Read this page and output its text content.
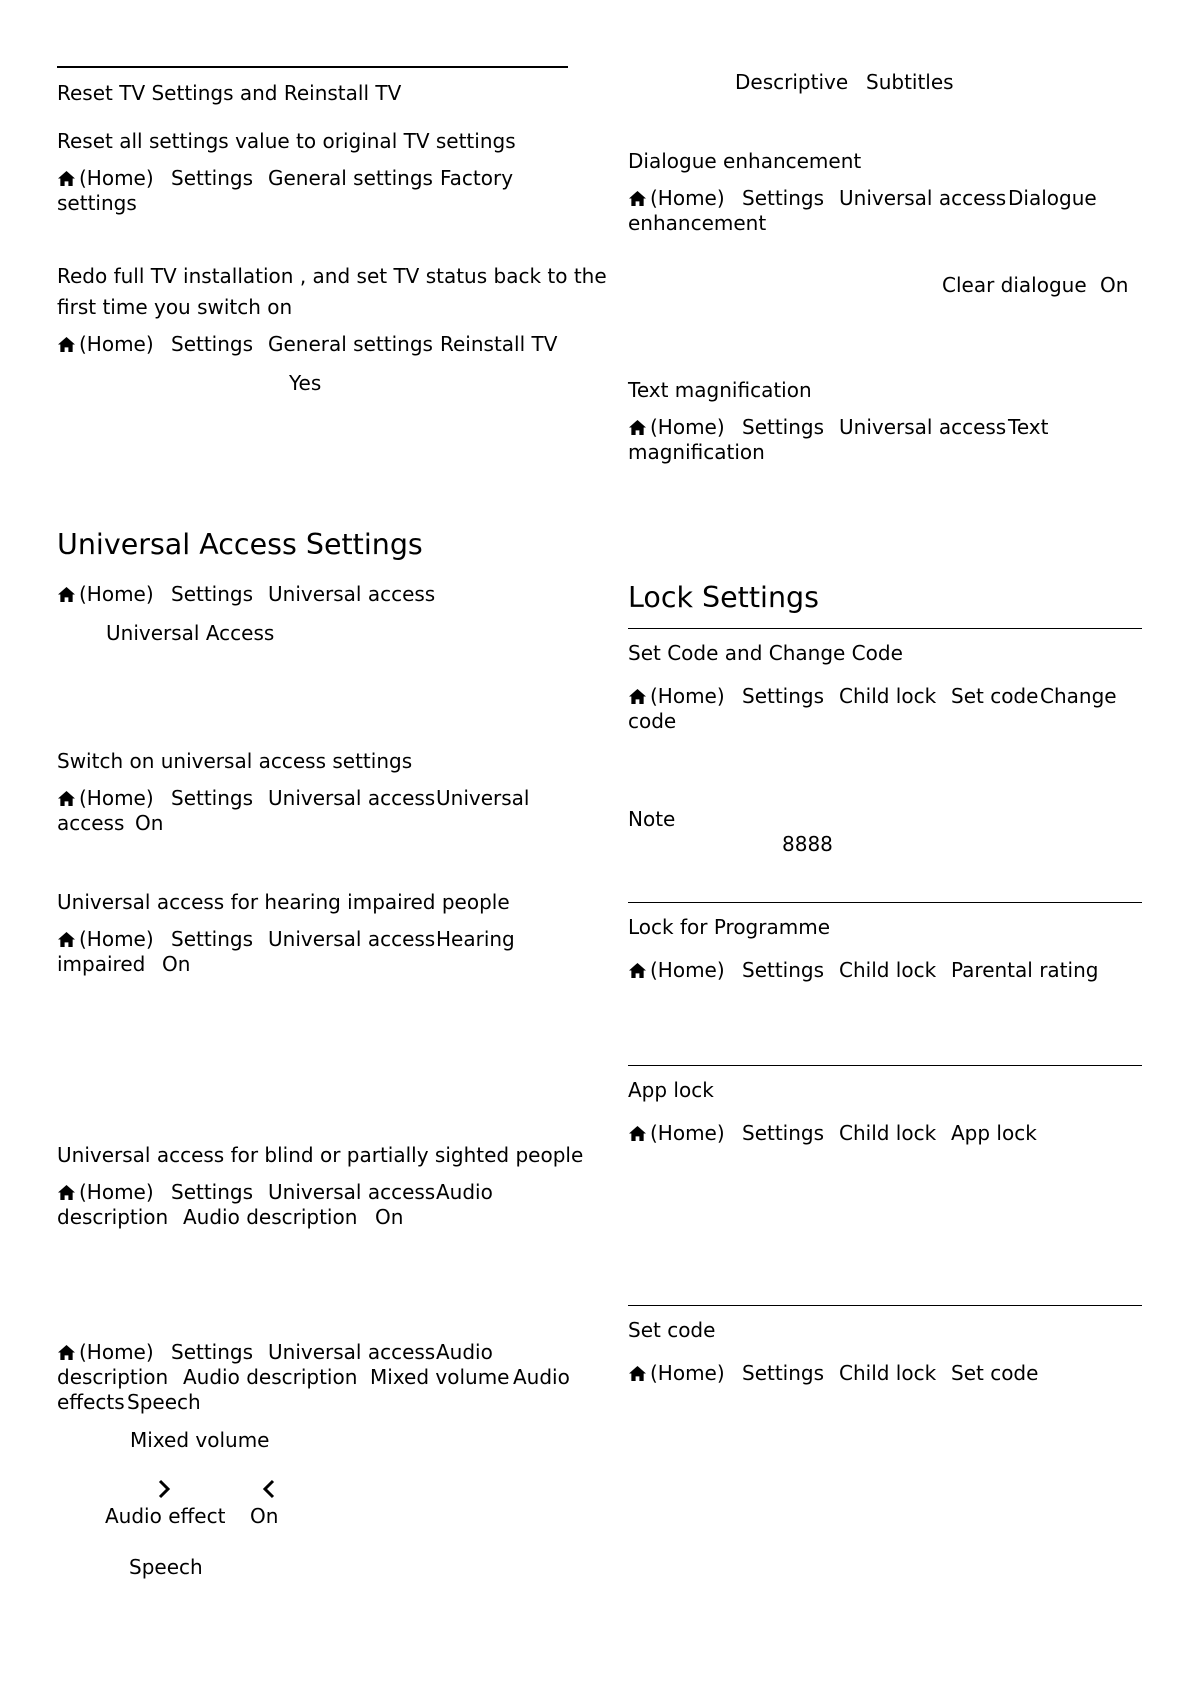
Reset TV Settings and Reinstall TV
Reset all settings value to original TV settings
(Home) Settings General settings Factory
settings
Redo full TV installation , and set TV status back to the
first time you switch on
(Home) Settings General settings Reinstall TV
Yes
Universal Access Settings
(Home) Settings Universal access
Universal Access
Switch on universal access settings
(Home) Settings Universal access Universal
access On
Universal access for hearing impaired people
(Home) Settings Universal access Hearing
impaired On
Universal access for blind or partially sighted people
(Home) Settings Universal access Audio
description Audio description On
(Home) Settings Universal access Audio
description Audio description Mixed volume Audio
effects Speech
Mixed volume
Audio effect On
Speech
Descriptive Subtitles
Dialogue enhancement
(Home) Settings Universal access Dialogue
enhancement
Clear dialogue On
Text magnification
(Home) Settings Universal access Text
magnification
Lock Settings
Set Code and Change Code
(Home) Settings Child lock Set code Change
code
Note
8888
Lock for Programme
(Home) Settings Child lock Parental rating
App lock
(Home) Settings Child lock App lock
Set code
(Home) Settings Child lock Set code
